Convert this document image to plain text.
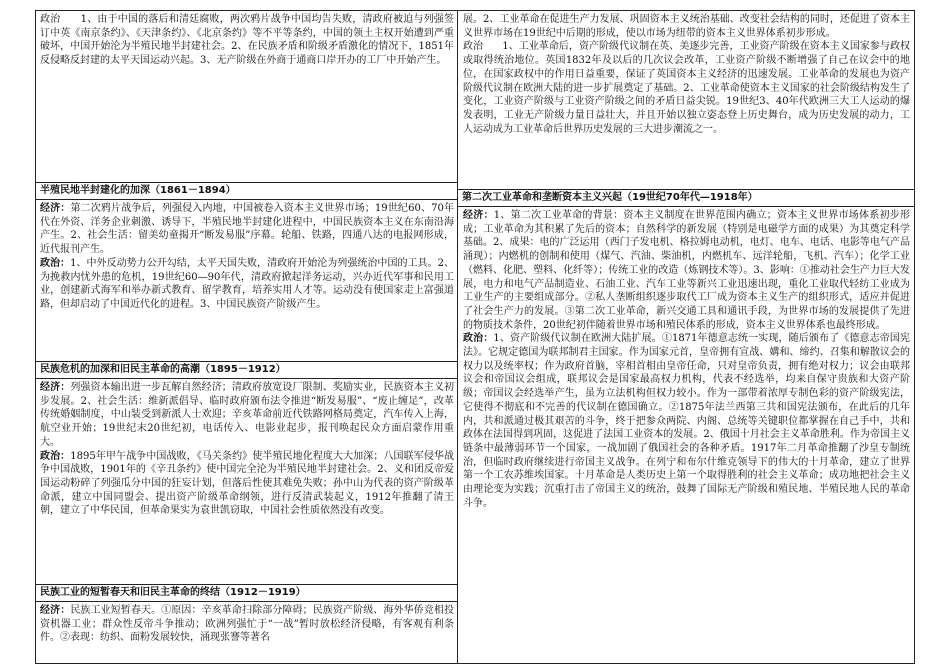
政治 1、由于中国的落后和清廷腐败，两次鸦片战争中国均告失败，清政府被迫与列强签订中英《南京条约》、《天津条约》、《北京条约》等不平等条约，中国的领土主权开始遭到严重破坏，中国开始沦为半殖民地半封建社会。2、在民族矛盾和阶级矛盾激化的情况下，1851年反侵略反封建的太平天国运动兴起。3、无产阶级在外商于通商口岸开办的工厂中开始产生。

半殖民地半封建化的加深（1861－1894）

经济：第二次鸦片战争后，列强侵入内地，中国被卷入资本主义世界市场；19世纪60、70年代在外资、洋务企业刺激、诱导下，半殖民地半封建化进程中，中国民族资本主义在东南沿海产生。2、社会生活：留美幼童揭开“断发易服”序幕。轮船、铁路，四通八达的电报网形成，近代报刊产生。

政治：1、中外反动势力公开勾结，太平天国失败，清政府开始沦为列强统治中国的工具。2、为挽救内忧外患的危机，19世纪60—90年代，清政府掀起洋务运动，兴办近代军事和民用工业，创建新式海军和举办新式教育、留学教育，培养实用人才等。运动没有使国家走上富强道路，但却启动了中国近代化的进程。3、中国民族资产阶级产生。

民族危机的加深和旧民主革命的高潮（1895－1912）

经济：列强资本输出进一步瓦解自然经济；清政府放宽设厂限制、奖励实业，民族资本主义初步发展。2、社会生活：维新派倡导、临时政府颁布法令推进“断发易服”、“废止缠足”，改革传统婚姻制度，中山装受到新派人士欢迎；辛亥革命前近代铁路网格局奠定，汽车传入上海，航空业开始；19世纪末20世纪初，电话传入、电影业起步，报刊唤起民众方面启蒙作用重大。

政治：1895年甲午战争中国战败，《马关条约》使半殖民地化程度大大加深；八国联军侵华战争中国战败，1901年的《辛丑条约》使中国完全沦为半殖民地半封建社会。2、义和团反帝爱国运动粉碎了列强瓜分中国的狂妄计划，但落后性使其难免失败；孙中山为代表的资产阶级革命派，建立中国同盟会、提出资产阶级革命纲领，进行反清武装起义，1912年推翻了清王朝，建立了中华民国，但革命果实为袁世凯窃取，中国社会性质依然没有改变。

民族工业的短暂春天和旧民主革命的终结（1912－1919）

经济：民族工业短暂春天。①原因：辛亥革命扫除部分障碍；民族资产阶级、海外华侨竞相投资机器工业；群众性反帝斗争推动；欧洲列强忙于“一战”暂时放松经济侵略，有客观有利条件。②表现：纺织、面粉发展较快，涌现张謇等著名

展。2、工业革命在促进生产力发展、巩固资本主义统治基础、改变社会结构的同时，还促进了资本主义世界市场在19世纪中后期的形成，使以市场为纽带的资本主义世界体系初步形成。

政治 1、工业革命后，资产阶级代议制在英、美逐步完善，工业资产阶级在资本主义国家参与政权或取得统治地位。英国1832年及以后的几次议会改革，工业资产阶级不断增强了自己在议会中的地位，在国家政权中的作用日益重要，保证了英国资本主义经济的迅速发展。工业革命的发展也为资产阶级代议制在欧洲大陆的进一步扩展奠定了基础。2、工业革命使资本主义国家的社会阶级结构发生了变化，工业资产阶级与工业资产阶级之间的矛盾日益尖锐。19世纪3、40年代欧洲三大工人运动的爆发表明，工业无产阶级力量日益壮大，并且开始以独立姿态登上历史舞台，成为历史发展的动力，工人运动成为工业革命后世界历史发展的三大进步潮流之一。

第二次工业革命和垄断资本主义兴起（19世纪70年代—1918年）

经济：1、第二次工业革命的背景：资本主义制度在世界范围内确立；资本主义世界市场体系初步形成；工业革命为其积累了先后的资本；自然科学的新发展（特别是电磁学方面的成果）为其奠定科学基础。2、成果：电的广泛运用（西门子发电机、格拉姆电动机，电灯、电车、电话、电影等电气产品涌现）；内燃机的创制和使用（煤气、汽油、柴油机，内燃机车、远洋轮船，飞机、汽车）；化学工业（燃料、化肥、塑料、化纤等）；传统工业的改造（炼钢技术等）。3、影响：①推动社会生产力巨大发展，电力和电气产品制造业、石油工业、汽车工业等新兴工业迅速出现，重化工业取代轻纺工业成为工业生产的主要组成部分。②私人垄断组织逐步取代工厂成为资本主义生产的组织形式，适应并促进了社会生产力的发展。③第二次工业革命，新兴交通工具和通讯手段，为世界市场的发展提供了先进的物质技术条件，20世纪初伴随着世界市场和殖民体系的形成，资本主义世界体系也最终形成。

政治：1、资产阶级代议制在欧洲大陆扩展。①1871年德意志统一实现，随后颁布了《德意志帝国宪法》。它规定德国为联邦制君主国家。作为国家元首，皇帝拥有宣战、媾和、缔约、召集和解散议会的权力以及统率权；作为政府首脑，宰相首相由皇帝任命，只对皇帝负责，拥有绝对权力；议会由联邦议会和帝国议会组成，联邦议会是国家最高权力机构，代表不经选举，均来自保守贵族和大资产阶级；帝国议会经选举产生，虽为立法机构但权力较小。作为一部带着浓厚专制色彩的资产阶级宪法，它使得不彻底和不完善的代议制在德国确立。②1875年法兰西第三共和国宪法颁布，在此后的几年内，共和派通过极其艰苦的斗争，终于把参众两院、内阁、总统等关键职位都掌握在自己手中，共和政体在法国得到巩固，这促进了法国工业资本的发展。2、俄国十月社会主义革命胜利。作为帝国主义链条中最薄弱环节一个国家，一战加剧了俄国社会的各种矛盾。1917年二月革命推翻了沙皇专制统治，但临时政府继续进行帝国主义战争。在列宁和布尔什维克领导下的伟大的十月革命，建立了世界第一个工农苏维埃国家。十月革命是人类历史上第一个取得胜利的社会主义革命；成功地把社会主义由理论变为实践；沉重打击了帝国主义的统治，鼓舞了国际无产阶级和殖民地、半殖民地人民的革命斗争。
